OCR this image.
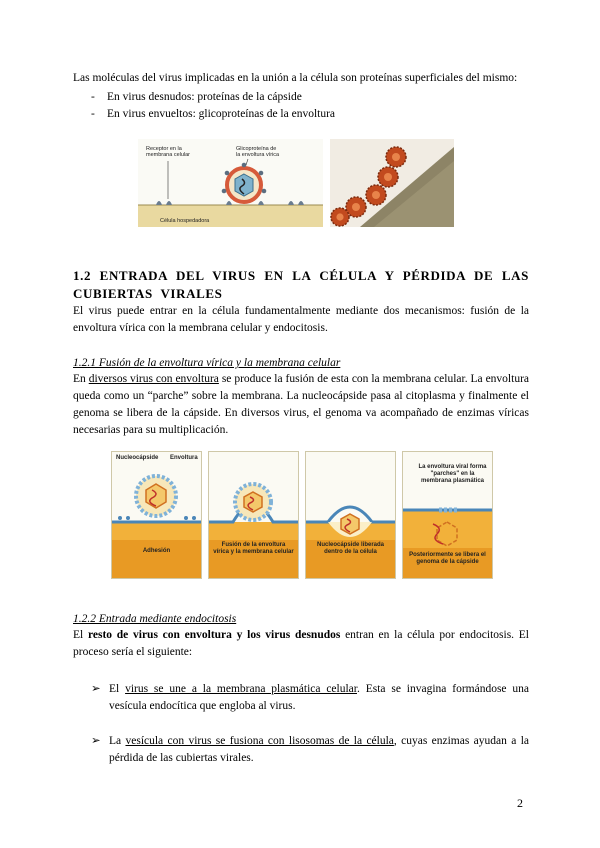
Las moléculas del virus implicadas en la unión a la célula son proteínas superficiales del mismo:

- En virus desnudos: proteínas de la cápside
- En virus envueltos: glicoproteínas de la envoltura
Receptor en la
membrana celular
Glicoproteína de
la envoltura vírica
Célula hospedadora
1.2 ENTRADA DEL VIRUS EN LA CÉLULA Y PÉRDIDA DE LAS CUBIERTAS VIRALES

El virus puede entrar en la célula fundamentalmente mediante dos mecanismos: fusión de la envoltura vírica con la membrana celular y endocitosis.

1.2.1 Fusión de la envoltura vírica y la membrana celular

En diversos virus con envoltura se produce la fusión de esta con la membrana celular. La envoltura queda como un “parche” sobre la membrana. La nucleocápside pasa al citoplasma y finalmente el genoma se libera de la cápside. En diversos virus, el genoma va acompañado de enzimas víricas necesarias para su multiplicación.

Nucleocápside Envoltura
Adhesión
Fusión de la envoltura vírica y la membrana celular
Nucleocápside liberada dentro de la célula
La envoltura viral forma "parches" en la membrana plasmática
Posteriormente se libera el genoma de la cápside
1.2.2 Entrada mediante endocitosis

El resto de virus con envoltura y los virus desnudos entran en la célula por endocitosis. El proceso sería el siguiente:

➢ El virus se une a la membrana plasmática celular. Esta se invagina formándose una vesícula endocítica que engloba al virus.
➢ La vesícula con virus se fusiona con lisosomas de la célula, cuyas enzimas ayudan a la pérdida de las cubiertas virales.
2
